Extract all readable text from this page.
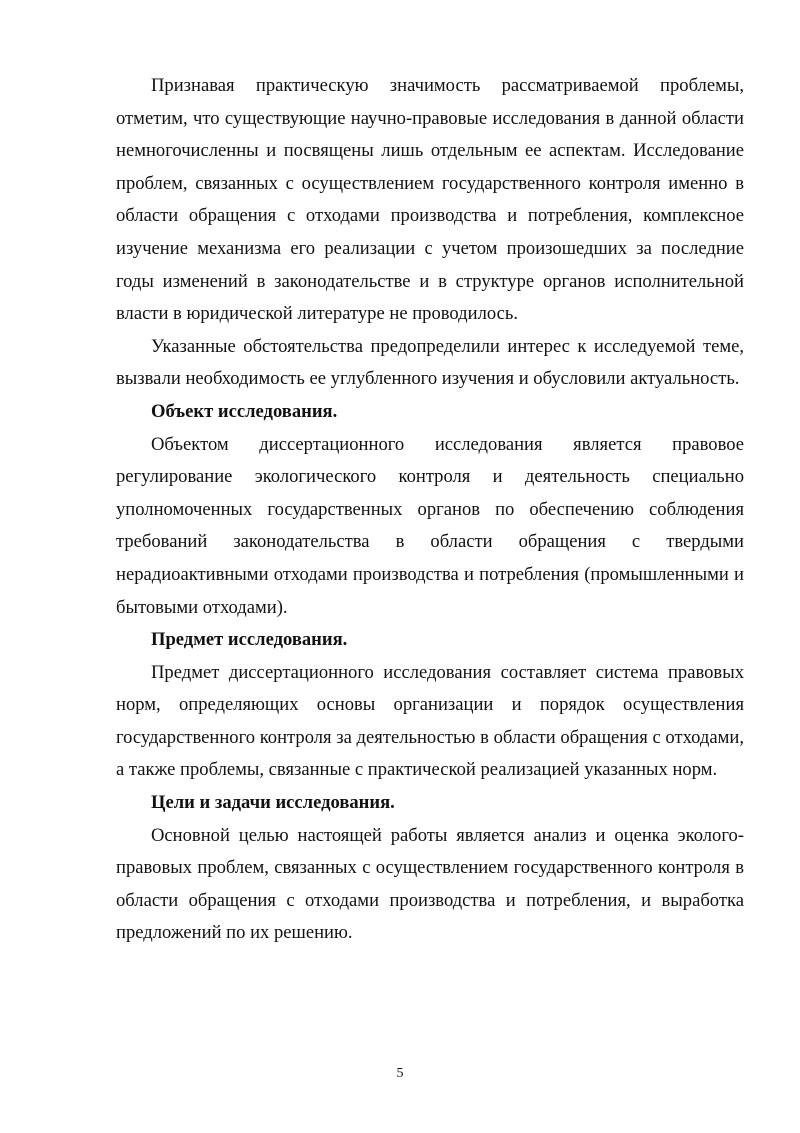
Признавая практическую значимость рассматриваемой проблемы, отметим, что существующие научно-правовые исследования в данной области немногочисленны и посвящены лишь отдельным ее аспектам. Исследование проблем, связанных с осуществлением государственного контроля именно в области обращения с отходами производства и потребления, комплексное изучение механизма его реализации с учетом произошедших за последние годы изменений в законодательстве и в структуре органов исполнительной власти в юридической литературе не проводилось.

Указанные обстоятельства предопределили интерес к исследуемой теме, вызвали необходимость ее углубленного изучения и обусловили актуальность.

Объект исследования.

Объектом диссертационного исследования является правовое регулирование экологического контроля и деятельность специально уполномоченных государственных органов по обеспечению соблюдения требований законодательства в области обращения с твердыми нерадиоактивными отходами производства и потребления (промышленными и бытовыми отходами).

Предмет исследования.

Предмет диссертационного исследования составляет система правовых норм, определяющих основы организации и порядок осуществления государственного контроля за деятельностью в области обращения с отходами, а также проблемы, связанные с практической реализацией указанных норм.

Цели и задачи исследования.

Основной целью настоящей работы является анализ и оценка эколого-правовых проблем, связанных с осуществлением государственного контроля в области обращения с отходами производства и потребления, и выработка предложений по их решению.

5
